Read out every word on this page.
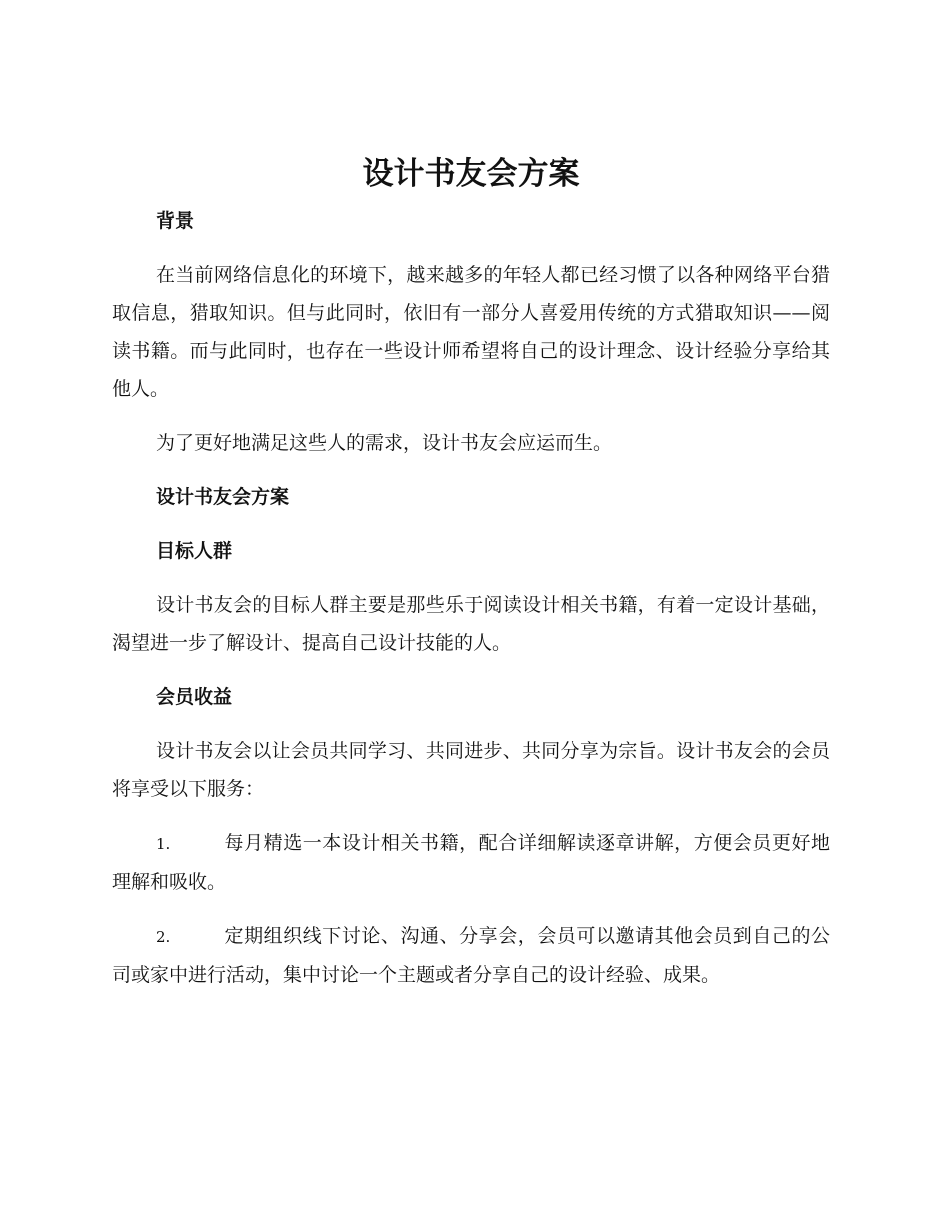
设计书友会方案
背景

在当前网络信息化的环境下，越来越多的年轻人都已经习惯了以各种网络平台猎取信息，猎取知识。但与此同时，依旧有一部分人喜爱用传统的方式猎取知识——阅读书籍。而与此同时，也存在一些设计师希望将自己的设计理念、设计经验分享给其他人。

为了更好地满足这些人的需求，设计书友会应运而生。

设计书友会方案
目标人群

设计书友会的目标人群主要是那些乐于阅读设计相关书籍，有着一定设计基础，渴望进一步了解设计、提高自己设计技能的人。

会员收益

设计书友会以让会员共同学习、共同进步、共同分享为宗旨。设计书友会的会员将享受以下服务：

1.	每月精选一本设计相关书籍，配合详细解读逐章讲解，方便会员更好地理解和吸收。

2.	定期组织线下讨论、沟通、分享会，会员可以邀请其他会员到自己的公司或家中进行活动，集中讨论一个主题或者分享自己的设计经验、成果。
